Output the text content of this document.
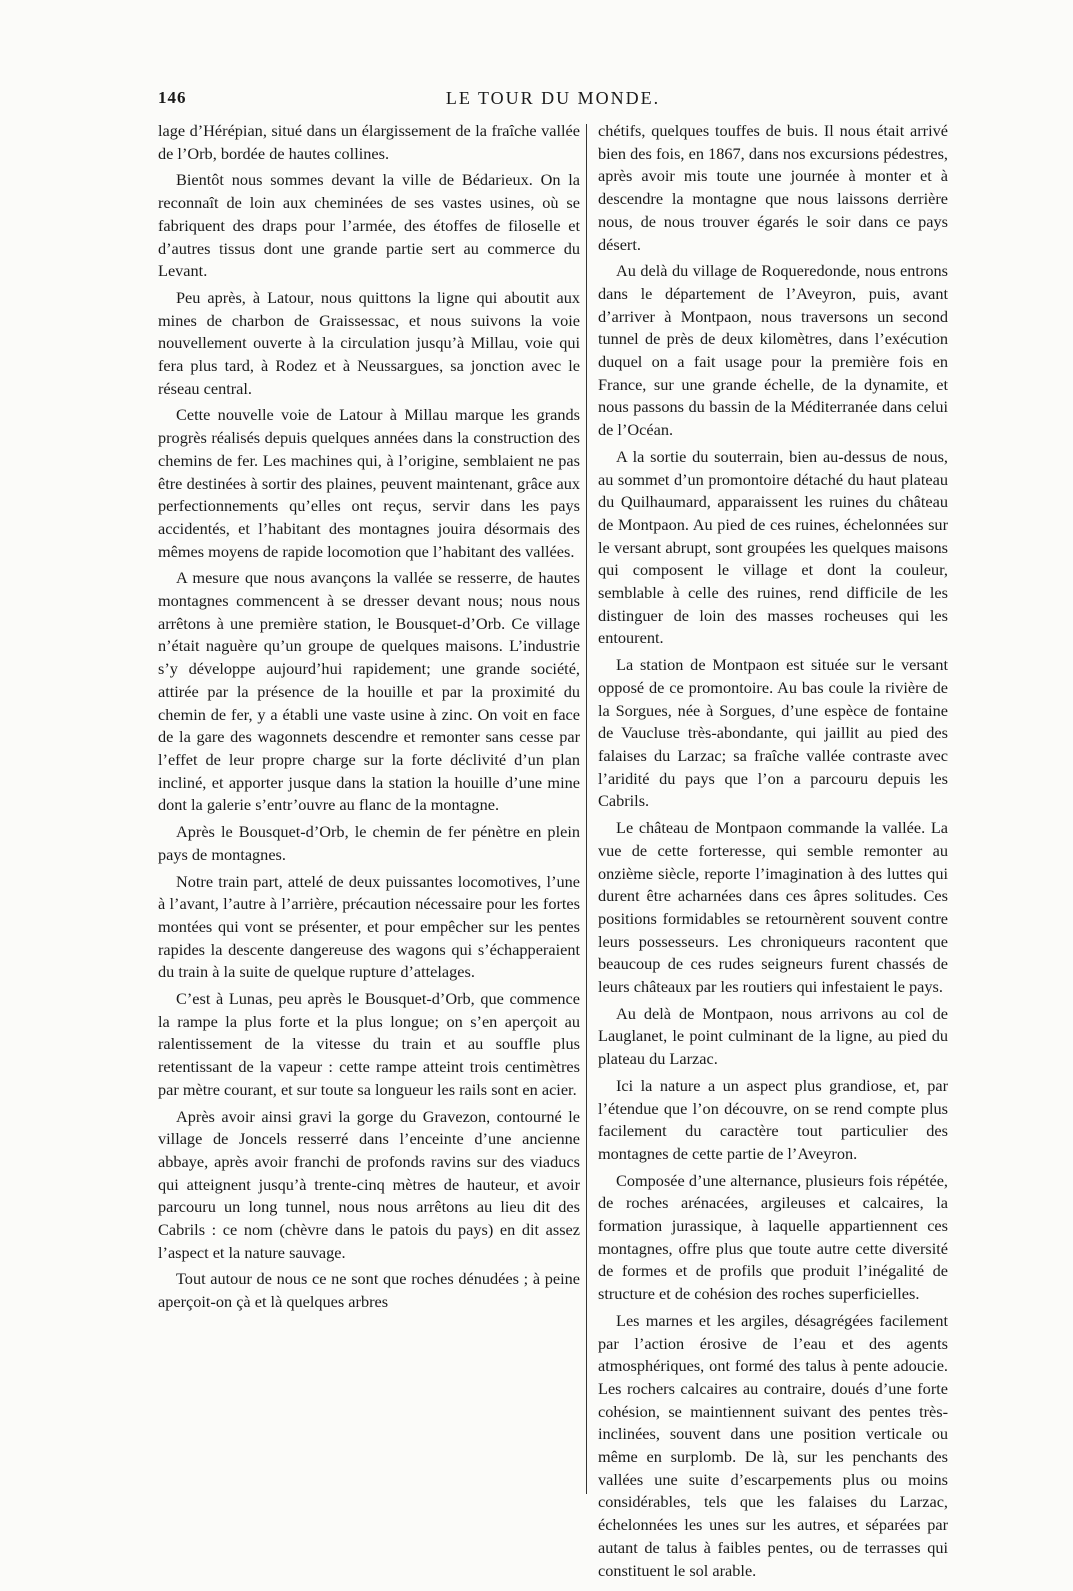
146	LE TOUR DU MONDE.

lage d’Hérépian, situé dans un élargissement de la fraîche vallée de l’Orb, bordée de hautes collines.

Bientôt nous sommes devant la ville de Bédarieux. On la reconnaît de loin aux cheminées de ses vastes usines, où se fabriquent des draps pour l’armée, des étoffes de filoselle et d’autres tissus dont une grande partie sert au commerce du Levant.

Peu après, à Latour, nous quittons la ligne qui aboutit aux mines de charbon de Graissessac, et nous suivons la voie nouvellement ouverte à la circulation jusqu’à Millau, voie qui fera plus tard, à Rodez et à Neussargues, sa jonction avec le réseau central.

Cette nouvelle voie de Latour à Millau marque les grands progrès réalisés depuis quelques années dans la construction des chemins de fer. Les machines qui, à l’origine, semblaient ne pas être destinées à sortir des plaines, peuvent maintenant, grâce aux perfectionnements qu’elles ont reçus, servir dans les pays accidentés, et l’habitant des montagnes jouira désormais des mêmes moyens de rapide locomotion que l’habitant des vallées.

A mesure que nous avançons la vallée se resserre, de hautes montagnes commencent à se dresser devant nous; nous nous arrêtons à une première station, le Bousquet-d’Orb. Ce village n’était naguère qu’un groupe de quelques maisons. L’industrie s’y développe aujourd’hui rapidement; une grande société, attirée par la présence de la houille et par la proximité du chemin de fer, y a établi une vaste usine à zinc. On voit en face de la gare des wagonnets descendre et remonter sans cesse par l’effet de leur propre charge sur la forte déclivité d’un plan incliné, et apporter jusque dans la station la houille d’une mine dont la galerie s’entr’ouvre au flanc de la montagne.

Après le Bousquet-d’Orb, le chemin de fer pénètre en plein pays de montagnes.

Notre train part, attelé de deux puissantes locomotives, l’une à l’avant, l’autre à l’arrière, précaution nécessaire pour les fortes montées qui vont se présenter, et pour empêcher sur les pentes rapides la descente dangereuse des wagons qui s’échapperaient du train à la suite de quelque rupture d’attelages.

C’est à Lunas, peu après le Bousquet-d’Orb, que commence la rampe la plus forte et la plus longue; on s’en aperçoit au ralentissement de la vitesse du train et au souffle plus retentissant de la vapeur : cette rampe atteint trois centimètres par mètre courant, et sur toute sa longueur les rails sont en acier.

Après avoir ainsi gravi la gorge du Gravezon, contourné le village de Joncels resserré dans l’enceinte d’une ancienne abbaye, après avoir franchi de profonds ravins sur des viaducs qui atteignent jusqu’à trente-cinq mètres de hauteur, et avoir parcouru un long tunnel, nous nous arrêtons au lieu dit des Cabrils : ce nom (chèvre dans le patois du pays) en dit assez l’aspect et la nature sauvage.

Tout autour de nous ce ne sont que roches dénudées ; à peine aperçoit-on çà et là quelques arbres

chétifs, quelques touffes de buis. Il nous était arrivé bien des fois, en 1867, dans nos excursions pédestres, après avoir mis toute une journée à monter et à descendre la montagne que nous laissons derrière nous, de nous trouver égarés le soir dans ce pays désert.

Au delà du village de Roqueredonde, nous entrons dans le département de l’Aveyron, puis, avant d’arriver à Montpaon, nous traversons un second tunnel de près de deux kilomètres, dans l’exécution duquel on a fait usage pour la première fois en France, sur une grande échelle, de la dynamite, et nous passons du bassin de la Méditerranée dans celui de l’Océan.

A la sortie du souterrain, bien au-dessus de nous, au sommet d’un promontoire détaché du haut plateau du Quilhaumard, apparaissent les ruines du château de Montpaon. Au pied de ces ruines, échelonnées sur le versant abrupt, sont groupées les quelques maisons qui composent le village et dont la couleur, semblable à celle des ruines, rend difficile de les distinguer de loin des masses rocheuses qui les entourent.

La station de Montpaon est située sur le versant opposé de ce promontoire. Au bas coule la rivière de la Sorgues, née à Sorgues, d’une espèce de fontaine de Vaucluse très-abondante, qui jaillit au pied des falaises du Larzac; sa fraîche vallée contraste avec l’aridité du pays que l’on a parcouru depuis les Cabrils.

Le château de Montpaon commande la vallée. La vue de cette forteresse, qui semble remonter au onzième siècle, reporte l’imagination à des luttes qui durent être acharnées dans ces âpres solitudes. Ces positions formidables se retournèrent souvent contre leurs possesseurs. Les chroniqueurs racontent que beaucoup de ces rudes seigneurs furent chassés de leurs châteaux par les routiers qui infestaient le pays.

Au delà de Montpaon, nous arrivons au col de Lauglanet, le point culminant de la ligne, au pied du plateau du Larzac.

Ici la nature a un aspect plus grandiose, et, par l’étendue que l’on découvre, on se rend compte plus facilement du caractère tout particulier des montagnes de cette partie de l’Aveyron.

Composée d’une alternance, plusieurs fois répétée, de roches arénacées, argileuses et calcaires, la formation jurassique, à laquelle appartiennent ces montagnes, offre plus que toute autre cette diversité de formes et de profils que produit l’inégalité de structure et de cohésion des roches superficielles.

Les marnes et les argiles, désagrégées facilement par l’action érosive de l’eau et des agents atmosphériques, ont formé des talus à pente adoucie. Les rochers calcaires au contraire, doués d’une forte cohésion, se maintiennent suivant des pentes très-inclinées, souvent dans une position verticale ou même en surplomb. De là, sur les penchants des vallées une suite d’escarpements plus ou moins considérables, tels que les falaises du Larzac, échelonnées les unes sur les autres, et séparées par autant de talus à faibles pentes, ou de terrasses qui constituent le sol arable.
